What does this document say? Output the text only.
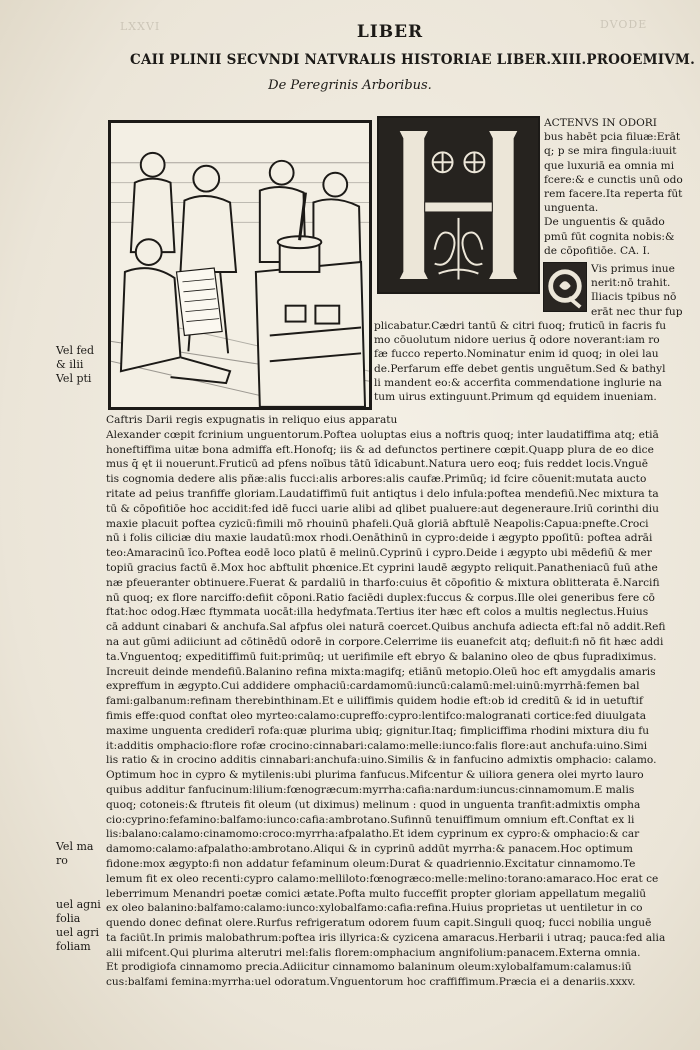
DVODE
LXXVI	LIBER
CAII PLINII SECVNDI NATVRALIS HISTORIAE LIBER.XIII.PROOEMIVM.
De Peregrinis Arboribus.
ACTENVS IN ODORI
bus habēt pcia filuæ:Erāt
q; p se mira fingula:iuuit
que luxuriā ea omnia mi
fcere:& e cunctis unū odo
rem facere.Ita reperta fūt
unguenta.
De unguentis & quādo
pmū fūt cognita nobis:&
de cōpofitiōe. CA. I.
Vis primus inue
nerit:nō trahit.
Iliacis tpibus nō
erāt nec thur fup
plicabatur.Cædri tantū & citri fuoq; fruticū in facris fu
mo cōuolutum nidore uerius q̄ odore noverant:iam ro
fæ fucco reperto.Nominatur enim id quoq; in olei lau
de.Perfarum effe debet gentis unguētum.Sed & bathyl
li mandent eo:& accerfita commendatione inglurie na
tum uirus extinguunt.Primum qd equidem inueniam.
Caftris Darii regis expugnatis in reliquo eius apparatu
Alexander cœpit fcrinium unguentorum.Poftea uoluptas eius a noftris quoq; inter laudatiffima atq; etiā
honeftiffima uitæ bona admiffa eft.Honofq; iis & ad defunctos pertinere cœpit.Quapp plura de eo dice
mus q̄ ęt ii nouerunt.Fruticū ad pfens noībus tātū īdicabunt.Natura uero eoq; fuis reddet locis.Vnguē
tis cognomia dedere alis pñæ:alis fucci:alis arbores:alis caufæ.Primūq; id fcire cōuenit:mutata aucto
ritate ad peius tranfiffe gloriam.Laudatiffimū fuit antiqtus i delo infula:poftea mendefiū.Nec mixtura ta
tū & cōpofitiōe hoc accidit:fed idē fucci uarie alibi ad qlibet pualuere:aut degeneraure.Iriū corinthi diu
maxie placuit poftea cyzicū:fimili mō rhouinū phafeli.Quā gloriā abftulē Neapolis:Capua:pnefte.Croci
nū i folis ciliciæ diu maxie laudatū:mox rhodi.Oenāthinū in cypro:deide i ægypto ppoſitū: poftea adrāi
teo:Amaracinū īco.Poftea eodē loco platū ē melinū.Cyprinū i cypro.Deide i ægypto ubi mēdefiū & mer
topiū gracius factū ē.Mox hoc abftulit phœnice.Et cyprini laudē ægypto reliquit.Panatheniacū fuū athe
næ pfeueranter obtinuere.Fuerat & pardaliū in tharfo:cuius ēt cōpofitio & mixtura oblitterata ē.Narcifi
nū quoq; ex flore narciffo:defiit cōponi.Ratio faciēdi duplex:fuccus & corpus.Ille olei generibus fere cō
ftat:hoc odog.Hæc ftymmata uocāt:illa hedyfmata.Tertius iter hæc eft colos a multis neglectus.Huius
cā addunt cinabari & anchufa.Sal afpfus olei naturā coercet.Quibus anchufa adiecta eft:fal nō addit.Refi
na aut gūmi adiiciunt ad cōtinēdū odorē in corpore.Celerrime iis euanefcit atq; defluit:fi nō fit hæc addi
ta.Vnguentoq; expeditiffimū fuit:primūq; ut uerifimile eft ebryo & balanino oleo de qbus fupradiximus.
Increuit deinde mendefiū.Balanino refina mixta:magifq; etiānū metopio.Oleū hoc eft amygdalis amaris
expreffum in ægypto.Cui addidere omphaciū:cardamomū:iuncū:calamū:mel:uinū:myrrhā:femen bal
fami:galbanum:refinam therebinthinam.Et e uiliffimis quidem hodie eft:ob id creditū & id in uetuftif
fimis effe:quod conftat oleo myrteo:calamo:cupreffo:cypro:lentifco:malogranati cortice:fed diuulgata
maxime unguenta crediderī rofa:quæ plurima ubiq; gignitur.Itaq; fimpliciffima rhodini mixtura diu fu
it:additis omphacio:flore rofæ crocino:cinnabari:calamo:melle:iunco:falis flore:aut anchufa:uino.Simi
lis ratio & in crocino additis cinnabari:anchufa:uino.Similis & in fanfucino admixtis omphacio: calamo.
Optimum hoc in cypro & mytilenis:ubi plurima fanfucus.Mifcentur & uiliora genera olei myrto lauro
quibus additur fanfucinum:lilium:fœnogræcum:myrrha:cafia:nardum:iuncus:cinnamomum.E malis
quoq; cotoneis:& ftruteis fit oleum (ut diximus) melinum : quod in unguenta tranfit:admixtis ompha
cio:cyprino:fefamino:balfamo:iunco:cafia:ambrotano.Sufinnū tenuiffimum omnium eft.Conftat ex li
lis:balano:calamo:cinamomo:croco:myrrha:afpalatho.Et idem cyprinum ex cypro:& omphacio:& car
damomo:calamo:afpalatho:ambrotano.Aliqui & in cyprinū addūt myrrha:& panacem.Hoc optimum
fidone:mox ægypto:fi non addatur fefaminum oleum:Durat & quadriennio.Excitatur cinnamomo.Te
lemum fit ex oleo recenti:cypro calamo:melliloto:fœnogræco:melle:melino:torano:amaraco.Hoc erat ce
leberrimum Menandri poetæ comici ætate.Pofta multo fucceffit propter gloriam appellatum megaliū
ex oleo balanino:balfamo:calamo:iunco:xylobalfamo:cafia:refina.Huius proprietas ut uentiletur in co
quendo donec definat olere.Rurfus refrigeratum odorem fuum capit.Singuli quoq; fucci nobilia unguē
ta faciūt.In primis malobathrum:poftea iris illyrica:& cyzicena amaracus.Herbarii i utraq; pauca:fed alia
alii mifcent.Qui plurima alterutri mel:falis florem:omphacium angnifolium:panacem.Externa omnia.
Et prodigiofa cinnamomo precia.Adiicitur cinnamomo balaninum oleum:xylobalfamum:calamus:iū
cus:balfami femina:myrrha:uel odoratum.Vnguentorum hoc craffiffimum.Præcia ei a denariis.xxxv.
Vel fed
& ilii
Vel pti
Vel ma
ro
uel agni
folia
uel agri
foliam
